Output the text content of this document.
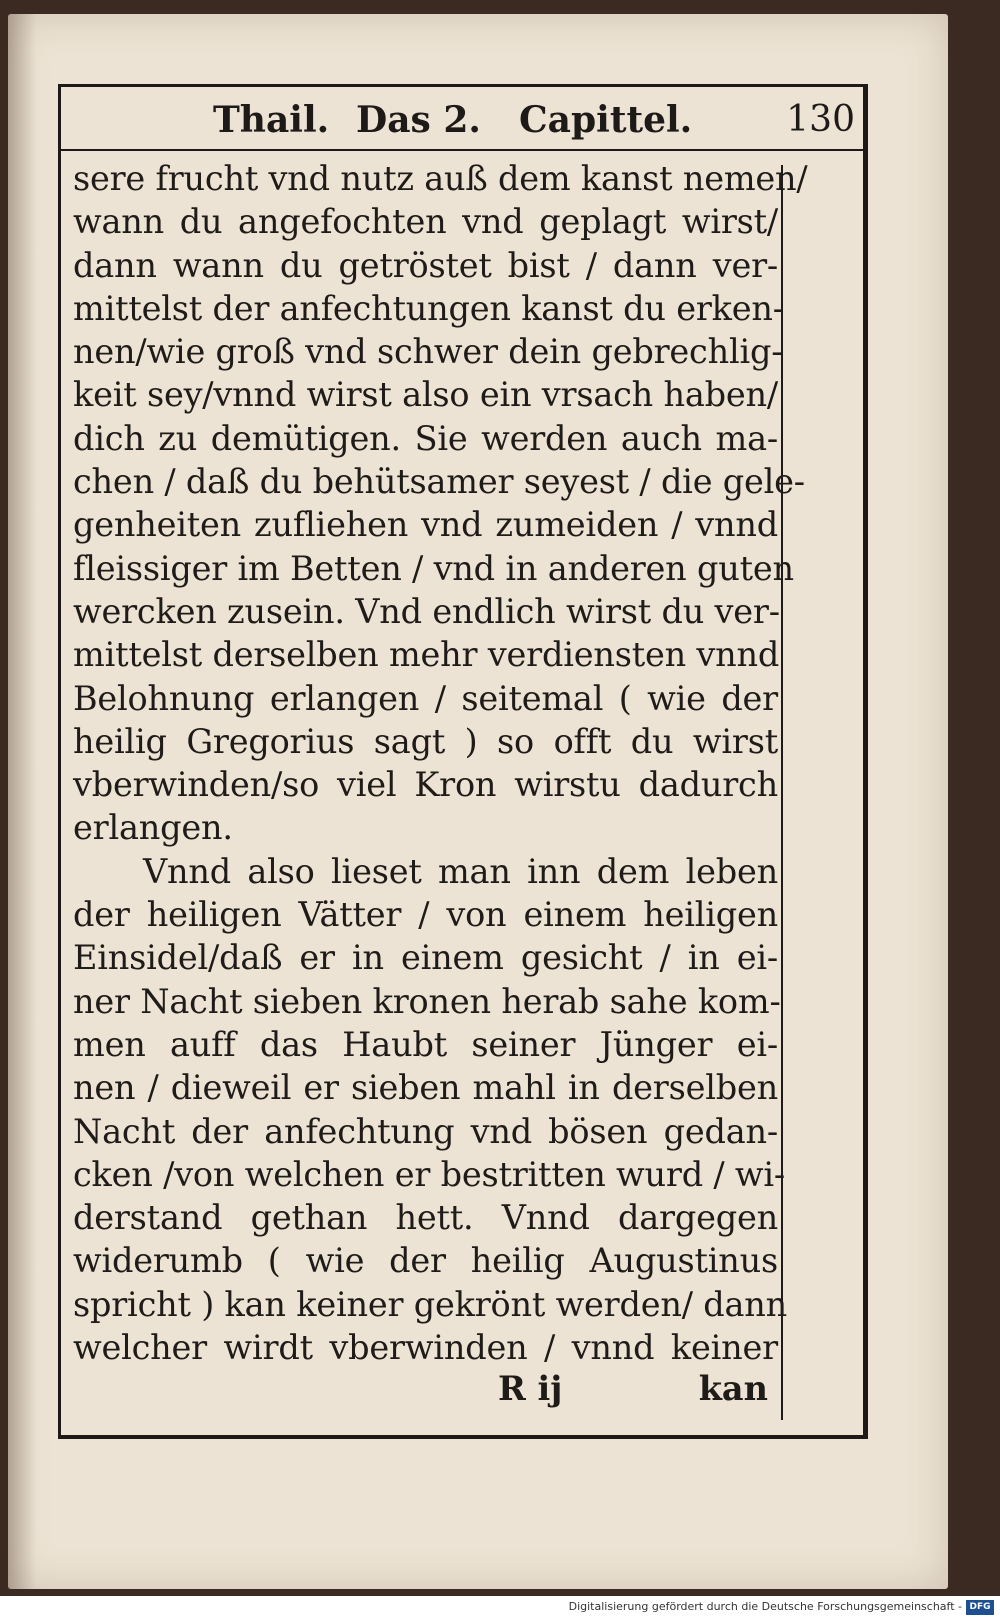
Thail. Das 2. Capittel.	130
sere frucht vnd nutz auß dem kanst nemen/
wann du angefochten vnd geplagt wirst/
dann wann du getröstet bist / dann ver-
mittelst der anfechtungen kanst du erken-
nen/wie groß vnd schwer dein gebrechlig-
keit sey/vnnd wirst also ein vrsach haben/
dich zu demütigen. Sie werden auch ma-
chen / daß du behütsamer seyest / die gele-
genheiten zufliehen vnd zumeiden / vnnd
fleissiger im Betten / vnd in anderen guten
wercken zusein. Vnd endlich wirst du ver-
mittelst derselben mehr verdiensten vnnd
Belohnung erlangen / seitemal ( wie der
heilig Gregorius sagt ) so offt du wirst
vberwinden/so viel Kron wirstu dadurch
erlangen.
Vnnd also lieset man inn dem leben
der heiligen Vätter / von einem heiligen
Einsidel/daß er in einem gesicht / in ei-
ner Nacht sieben kronen herab sahe kom-
men auff das Haubt seiner Jünger ei-
nen / dieweil er sieben mahl in derselben
Nacht der anfechtung vnd bösen gedan-
cken /von welchen er bestritten wurd / wi-
derstand gethan hett. Vnnd dargegen
widerumb ( wie der heilig Augustinus
spricht ) kan keiner gekrönt werden/ dann
welcher wirdt vberwinden / vnnd keiner
R ij	kan
Digitalisierung gefördert durch die Deutsche Forschungsgemeinschaft - DFG
